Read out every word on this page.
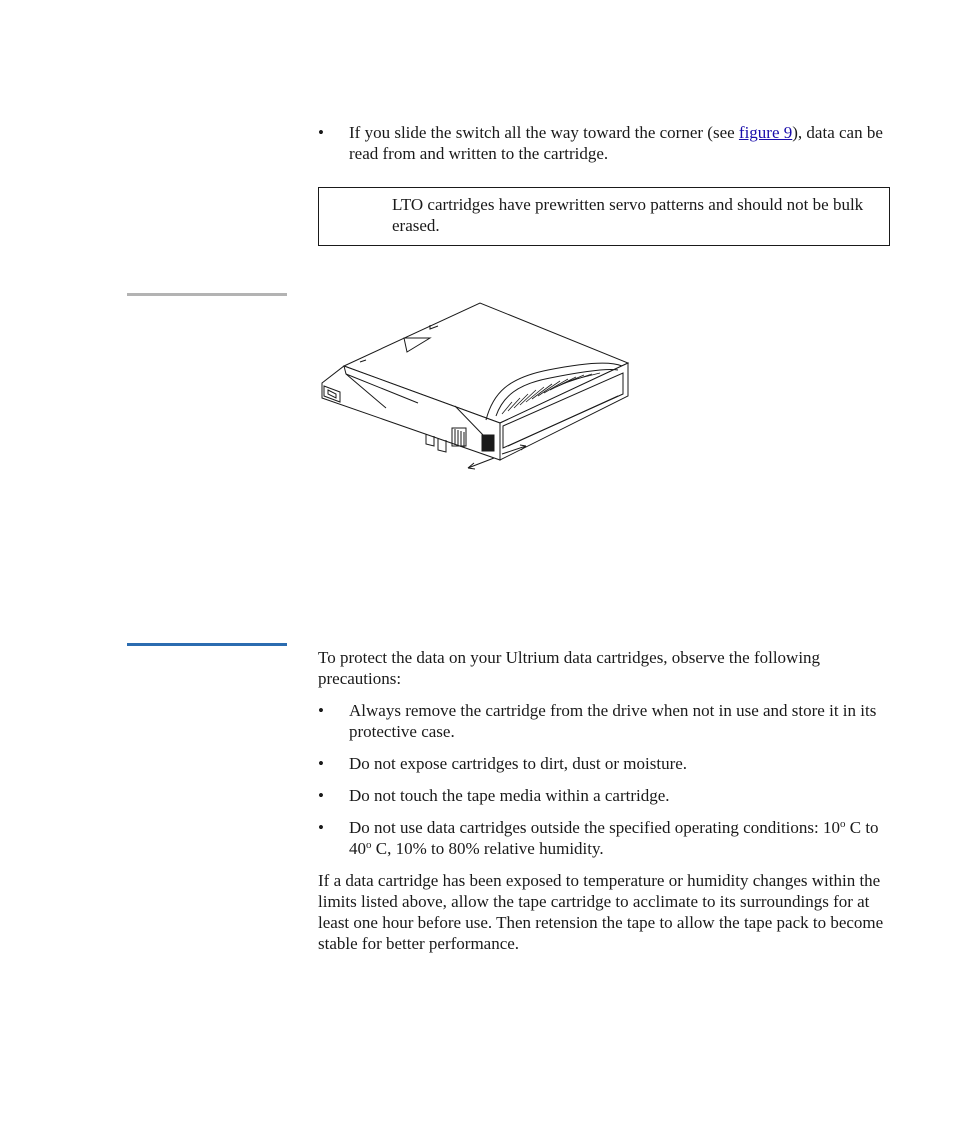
•	If you slide the switch all the way toward the corner (see figure 9), data can be read from and written to the cartridge.
LTO cartridges have prewritten servo patterns and should not be bulk erased.
To protect the data on your Ultrium data cartridges, observe the following precautions:
•	Always remove the cartridge from the drive when not in use and store it in its protective case.
•	Do not expose cartridges to dirt, dust or moisture.
•	Do not touch the tape media within a cartridge.
•	Do not use data cartridges outside the specified operating conditions: 10$^o$ C to 40$^o$ C, 10% to 80% relative humidity.
If a data cartridge has been exposed to temperature or humidity changes within the limits listed above, allow the tape cartridge to acclimate to its surroundings for at least one hour before use. Then retension the tape to allow the tape pack to become stable for better performance.
